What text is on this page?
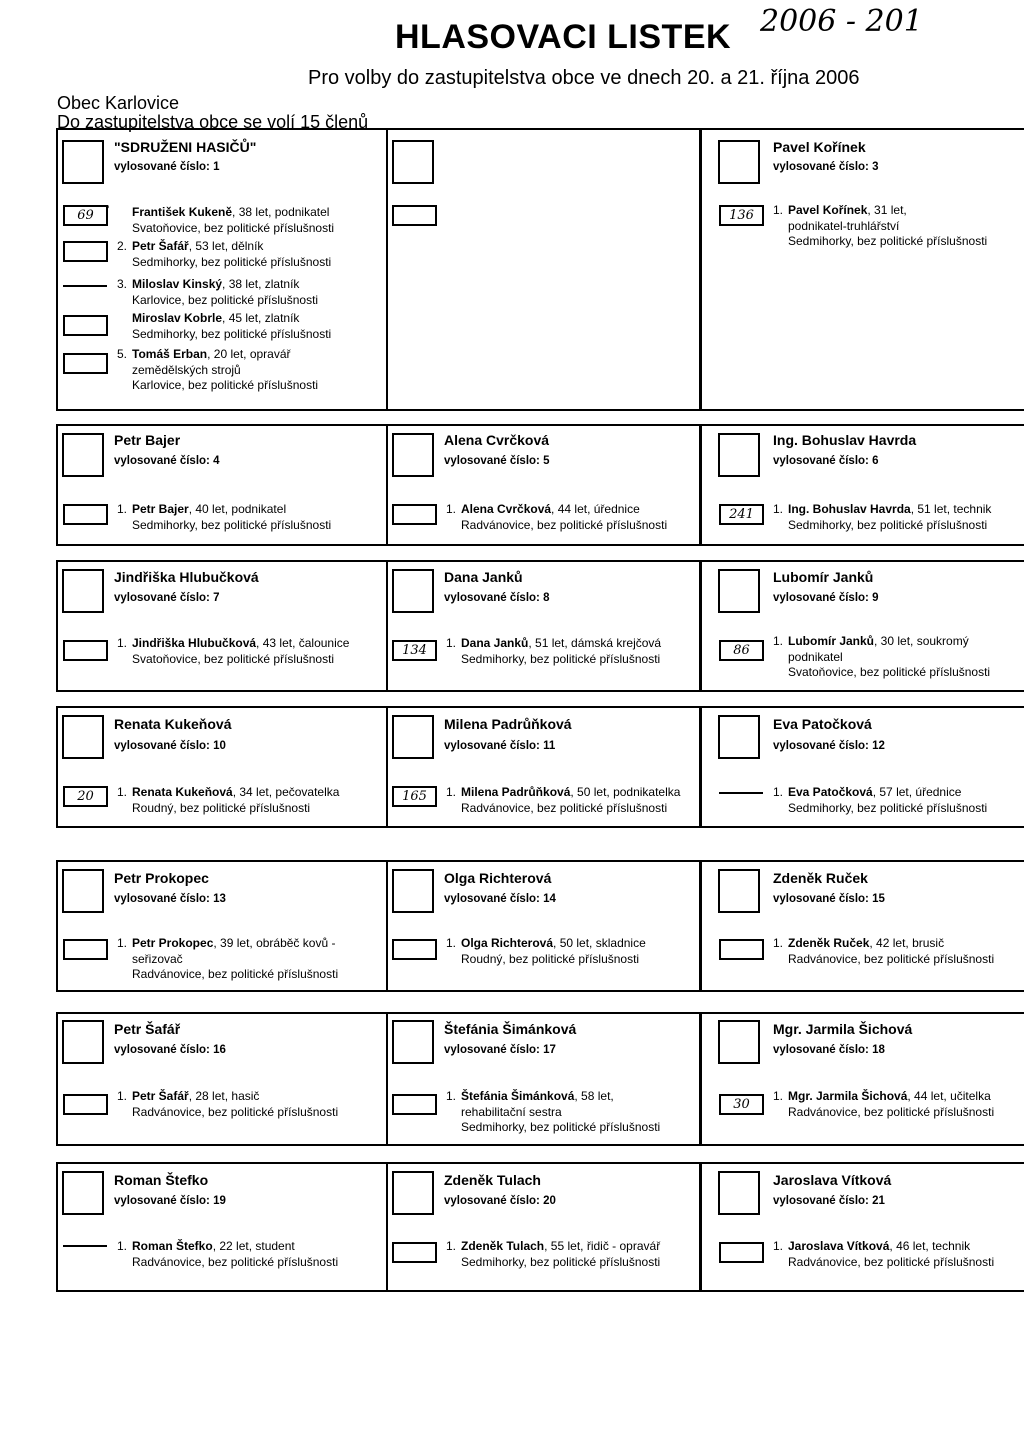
HLASOVACI LISTEK 2006 - 201
Pro volby do zastupitelstva obce ve dnech 20. a 21. října 2006
Obec Karlovice
Do zastupitelstva obce se volí 15 členů
"SDRUŽENI HASIČŮ"
vylosované číslo: 1
69	' František Kukeně, 38 let, podnikatel
Svatoňovice, bez politické příslušnosti
2. Petr Šafář, 53 let, dělník
Sedmihorky, bez politické příslušnosti
3. Miloslav Kinský, 38 let, zlatník
Karlovice, bez politické příslušnosti
Miroslav Kobrle, 45 let, zlatník
Sedmihorky, bez politické příslušnosti
5. Tomáš Erban, 20 let, opravář
zemědělských strojů
Karlovice, bez politické příslušnosti
Pavel Kořínek
vylosované číslo: 3
136	1. Pavel Kořínek, 31 let,
podnikatel-truhlářství
Sedmihorky, bez politické příslušnosti
Petr Bajer
vylosované číslo: 4
1. Petr Bajer, 40 let, podnikatel
Sedmihorky, bez politické příslušnosti
Alena Cvrčková
vylosované číslo: 5
1. Alena Cvrčková, 44 let, úřednice
Radvánovice, bez politické příslušnosti
Ing. Bohuslav Havrda
vylosované číslo: 6
241	1. Ing. Bohuslav Havrda, 51 let, technik
Sedmihorky, bez politické příslušnosti
Jindřiška Hlubučková
vylosované číslo: 7
1. Jindřiška Hlubučková, 43 let, čalounice
Svatoňovice, bez politické příslušnosti
Dana Janků
vylosované číslo: 8
134	1. Dana Janků, 51 let, dámská krejčová
Sedmihorky, bez politické příslušnosti
Lubomír Janků
vylosované číslo: 9
86
1. Lubomír Janků, 30 let, soukromý
podnikatel
Svatoňovice, bez politické příslušnosti
Renata Kukeňová
vylosované číslo: 10
20	1. Renata Kukeňová, 34 let, pečovatelka
Roudný, bez politické příslušnosti
Milena Padrůňková
vylosované číslo: 11
165	1. Milena Padrůňková, 50 let, podnikatelka
Radvánovice, bez politické příslušnosti
Eva Patočková
vylosované číslo: 12
1. Eva Patočková, 57 let, úřednice
Sedmihorky, bez politické příslušnosti
Petr Prokopec
vylosované číslo: 13
1. Petr Prokopec, 39 let, obráběč kovů -
seřizovač
Radvánovice, bez politické příslušnosti
Olga Richterová
vylosované číslo: 14
1. Olga Richterová, 50 let, skladnice
Roudný, bez politické příslušnosti
Zdeněk Ruček
vylosované číslo: 15
1. Zdeněk Ruček, 42 let, brusič
Radvánovice, bez politické příslušnosti
Petr Šafář
vylosované číslo: 16
1. Petr Šafář, 28 let, hasič
Radvánovice, bez politické příslušnosti
Štefánia Šimánková
vylosované číslo: 17
1. Štefánia Šimánková, 58 let,
rehabilitační sestra
Sedmihorky, bez politické příslušnosti
Mgr. Jarmila Šichová
vylosované číslo: 18
30
1. Mgr. Jarmila Šichová, 44 let, učitelka
Radvánovice, bez politické příslušnosti
Roman Štefko
vylosované číslo: 19
1. Roman Štefko, 22 let, student
Radvánovice, bez politické příslušnosti
Zdeněk Tulach
vylosované číslo: 20
1. Zdeněk Tulach, 55 let, řidič - opravář
Sedmihorky, bez politické příslušnosti
Jaroslava Vítková
vylosované číslo: 21
1. Jaroslava Vítková, 46 let, technik
Radvánovice, bez politické příslušnosti
